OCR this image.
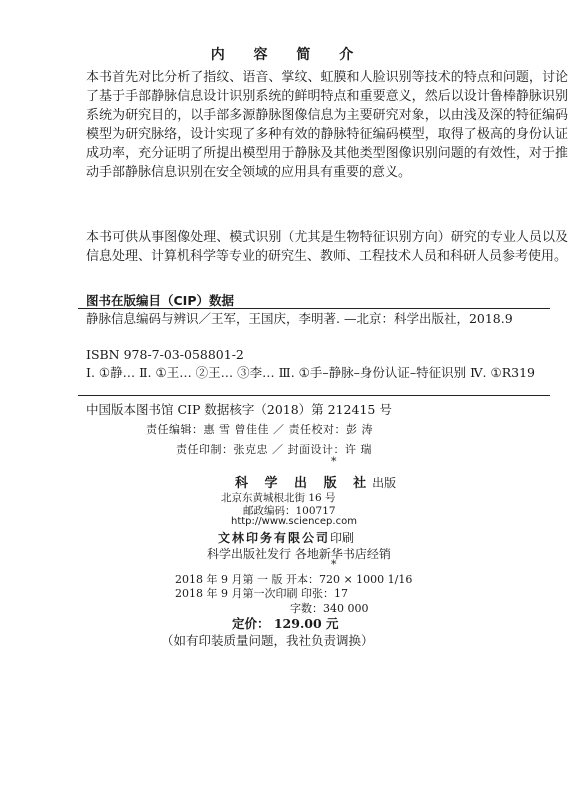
内 容 简 介

本书首先对比分析了指纹、语音、掌纹、虹膜和人脸识别等技术的特点和问题，讨论了基于手部静脉信息设计识别系统的鲜明特点和重要意义，然后以设计鲁棒静脉识别系统为研究目的，以手部多源静脉图像信息为主要研究对象，以由浅及深的特征编码模型为研究脉络，设计实现了多种有效的静脉特征编码模型，取得了极高的身份认证成功率，充分证明了所提出模型用于静脉及其他类型图像识别问题的有效性，对于推动手部静脉信息识别在安全领域的应用具有重要的意义。

本书可供从事图像处理、模式识别（尤其是生物特征识别方向）研究的专业人员以及信息处理、计算机科学等专业的研究生、教师、工程技术人员和科研人员参考使用。

图书在版编目（CIP）数据

静脉信息编码与辨识／王军，王国庆，李明著. —北京：科学出版社，2018.9

ISBN 978-7-03-058801-2

Ⅰ. ①静… Ⅱ. ①王… ②王… ③李… Ⅲ. ①手–静脉–身份认证–特征识别 Ⅳ. ①R319

中国版本图书馆 CIP 数据核字（2018）第 212415 号
责任编辑：惠 雪 曾佳佳 ／ 责任校对：彭 涛
责任印制：张克忠 ／ 封面设计：许 瑞
*
科 学 出 版 社出版
北京东黄城根北街 16 号
邮政编码：100717
http://www.sciencep.com
文林印务有限公司印刷
科学出版社发行 各地新华书店经销
*
2018 年 9 月第 一 版 开本：720 × 1000 1/16
2018 年 9 月第一次印刷 印张：17
字数：340 000
定价： 129.00 元
（如有印装质量问题，我社负责调换）
